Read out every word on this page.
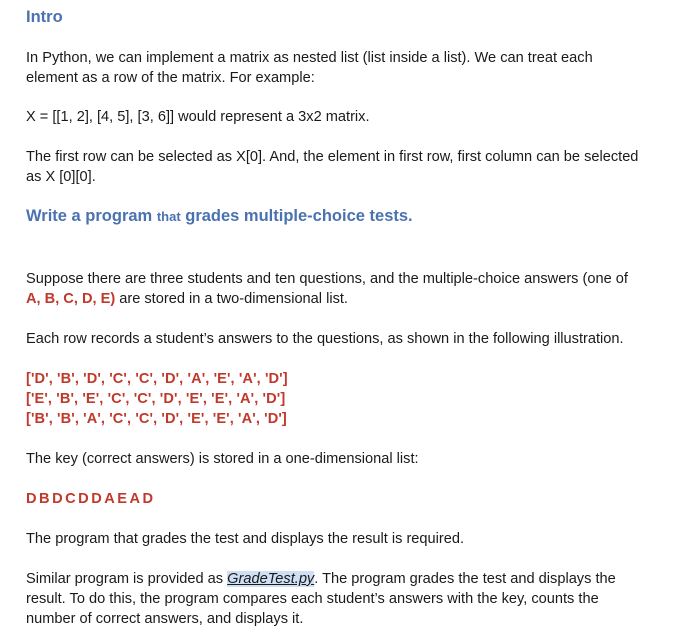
Intro
In Python, we can implement a matrix as nested list (list inside a list). We can treat each
element as a row of the matrix. For example:
X = [[1, 2], [4, 5], [3, 6]] would represent a 3x2 matrix.
The first row can be selected as X[0]. And, the element in first row, first column can be selected
as X [0][0].
Write a program that grades multiple-choice tests.
Suppose there are three students and ten questions, and the multiple-choice answers (one of
A, B, C, D, E) are stored in a two-dimensional list.
Each row records a student’s answers to the questions, as shown in the following illustration.
['D', 'B', 'D', 'C', 'C', 'D', 'A', 'E', 'A', 'D']
['E', 'B', 'E', 'C', 'C', 'D', 'E', 'E', 'A', 'D']
['B', 'B', 'A', 'C', 'C', 'D', 'E', 'E', 'A', 'D']
The key (correct answers) is stored in a one-dimensional list:
DBDCDDAEAD
The program that grades the test and displays the result is required.
Similar program is provided as GradeTest.py. The program grades the test and displays the
result. To do this, the program compares each student’s answers with the key, counts the
number of correct answers, and displays it.
